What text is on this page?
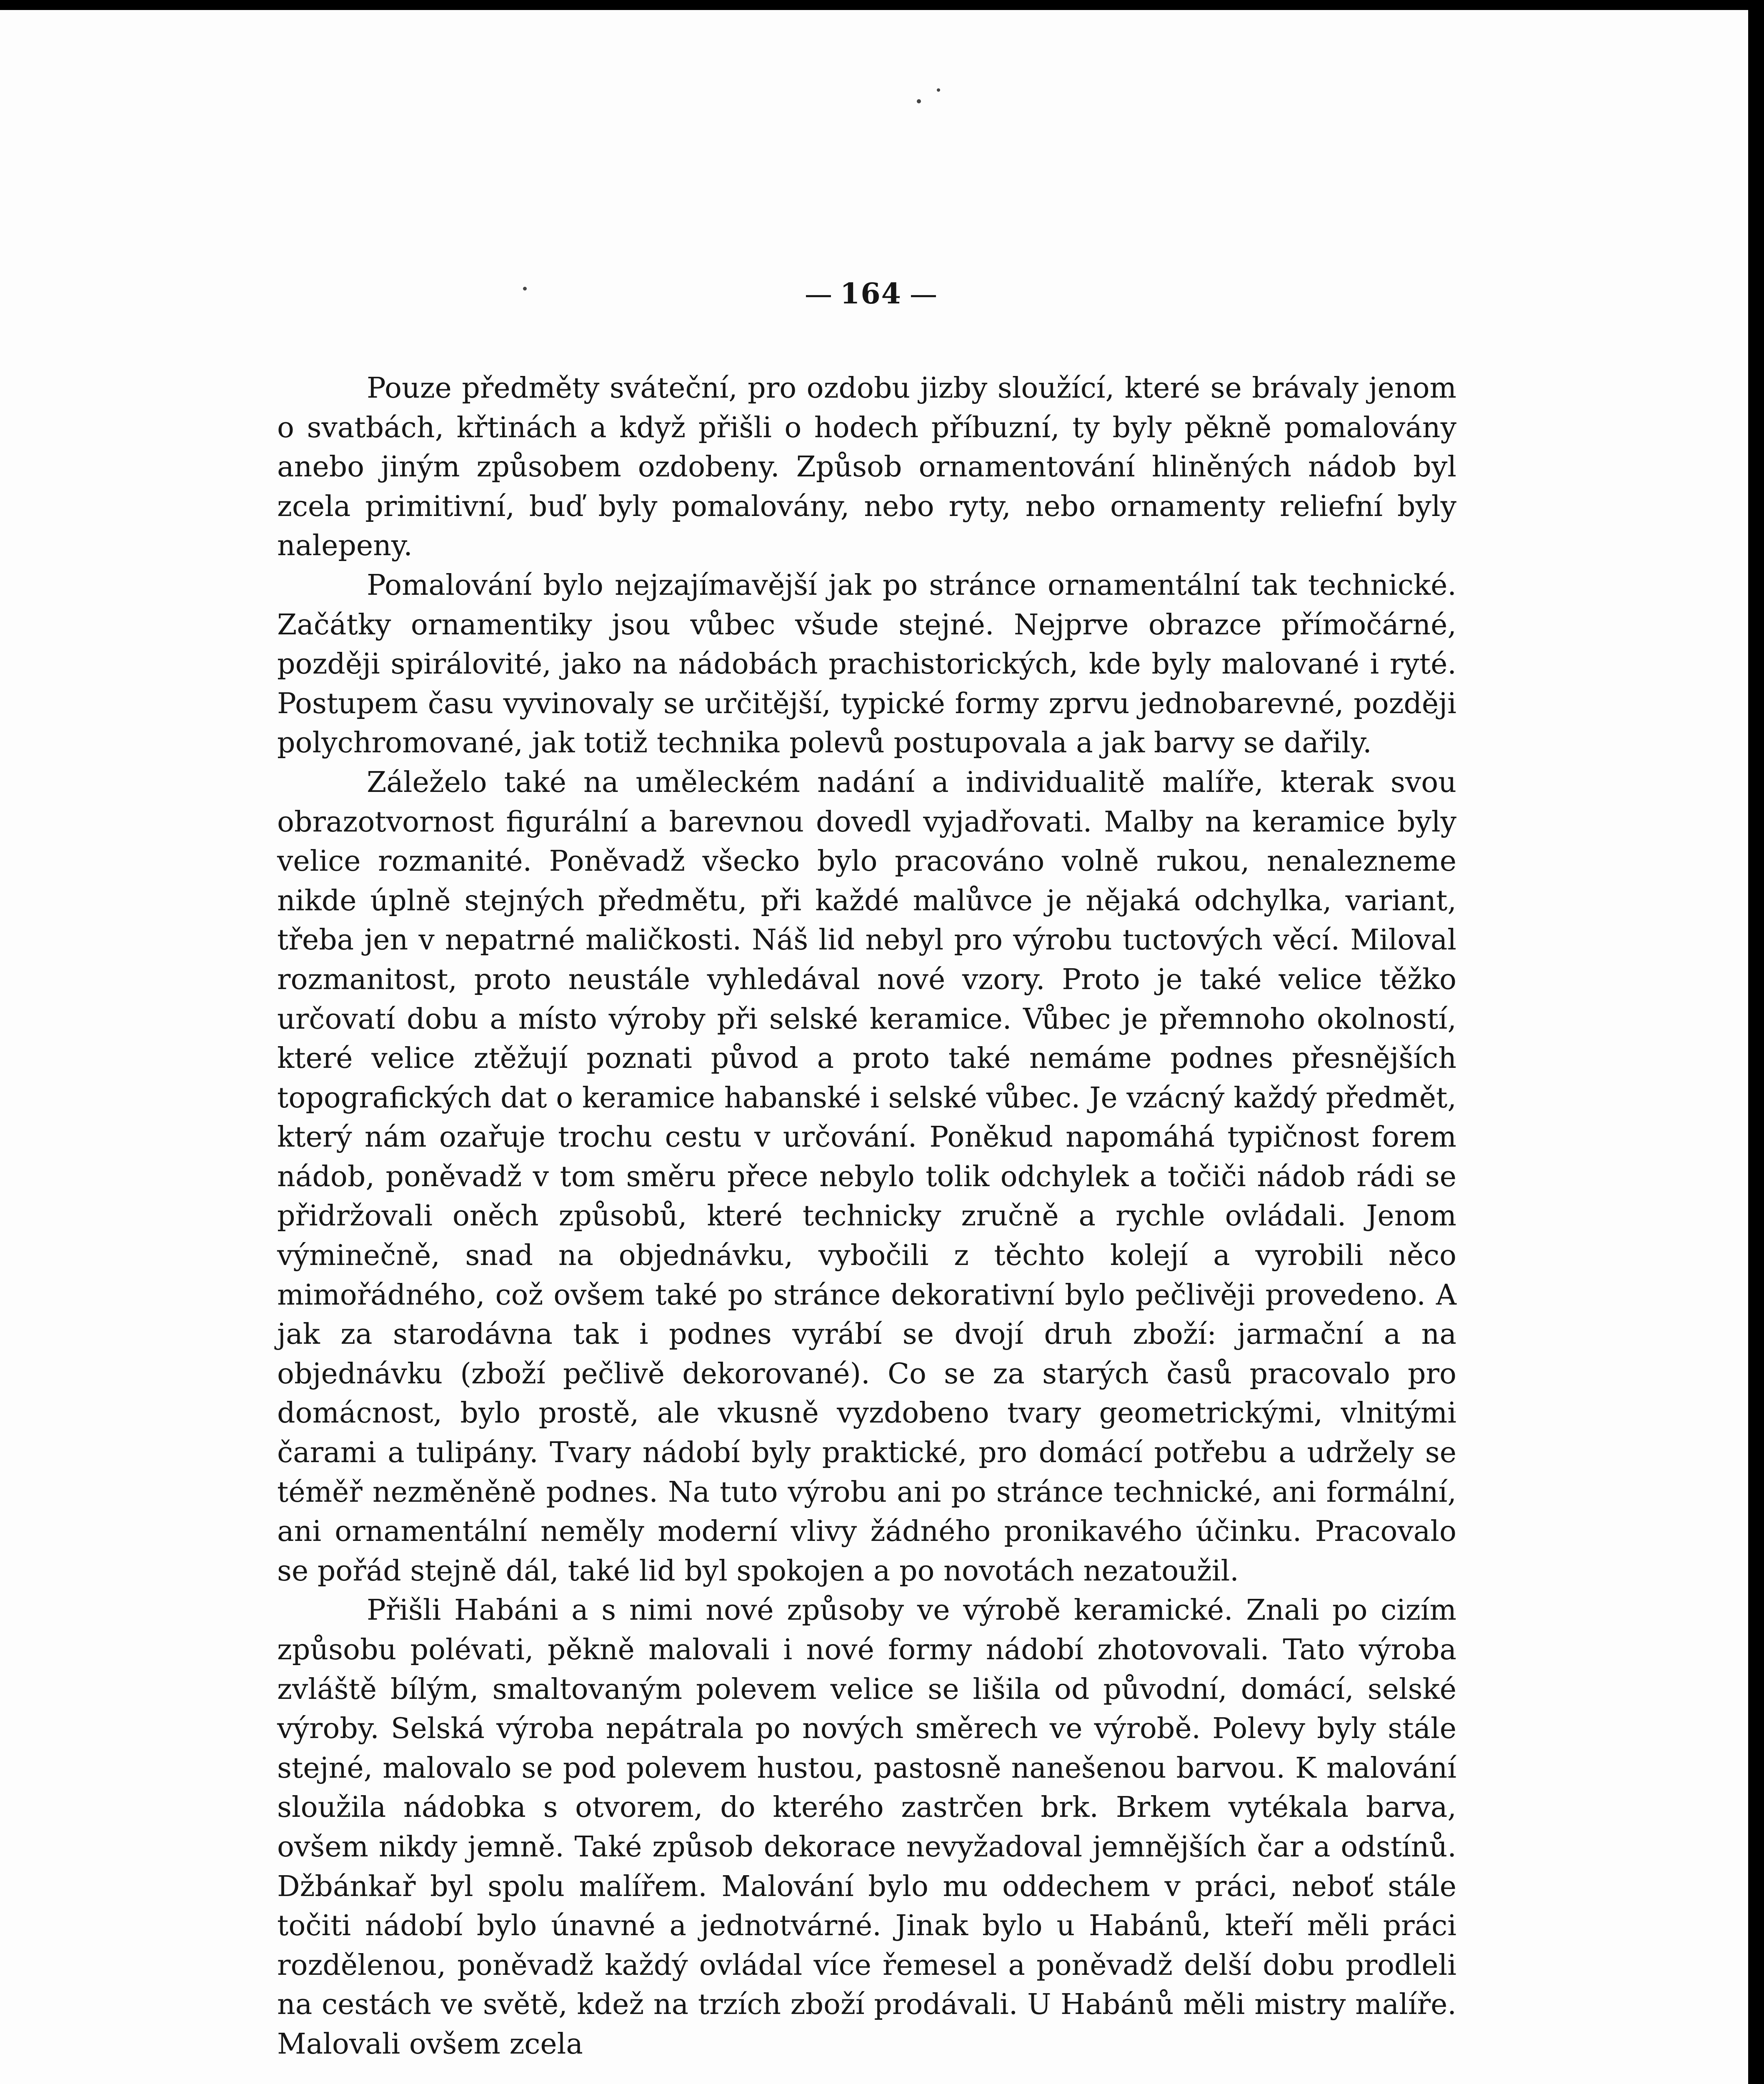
164

Pouze předměty sváteční, pro ozdobu jizby sloužící, které se brávaly jenom o svatbách, křtinách a když přišli o hodech příbuzní, ty byly pěkně pomalovány anebo jiným způsobem ozdobeny. Způsob ornamentování hliněných nádob byl zcela primitivní, buď byly pomalovány, nebo ryty, nebo ornamenty reliefní byly nalepeny.

Pomalování bylo nejzajímavější jak po stránce ornamentální tak technické. Začátky ornamentiky jsou vůbec všude stejné. Nejprve obrazce přímočárné, později spirálovité, jako na nádobách prachistorických, kde byly malované i ryté. Postupem času vyvinovaly se určitější, typické formy zprvu jednobarevné, později polychromované, jak totiž technika polevů postupovala a jak barvy se dařily.

Záleželo také na uměleckém nadání a individualitě malíře, kterak svou obrazotvornost figurální a barevnou dovedl vyjadřovati. Malby na keramice byly velice rozmanité. Poněvadž všecko bylo pracováno volně rukou, nenalezneme nikde úplně stejných předmětu, při každé malůvce je nějaká odchylka, variant, třeba jen v nepatrné maličkosti. Náš lid nebyl pro výrobu tuctových věcí. Miloval rozmanitost, proto neustále vyhledával nové vzory. Proto je také velice těžko určovatí dobu a místo výroby při selské keramice. Vůbec je přemnoho okolností, které velice ztěžují poznati původ a proto také nemáme podnes přesnějších topografických dat o keramice habanské i selské vůbec. Je vzácný každý předmět, který nám ozařuje trochu cestu v určování. Poněkud napomáhá typičnost forem nádob, poněvadž v tom směru přece nebylo tolik odchylek a točiči nádob rádi se přidržovali oněch způsobů, které technicky zručně a rychle ovládali. Jenom výminečně, snad na objednávku, vybočili z těchto kolejí a vyrobili něco mimořádného, což ovšem také po stránce dekorativní bylo pečlivěji provedeno. A jak za starodávna tak i podnes vyrábí se dvojí druh zboží: jarmační a na objednávku (zboží pečlivě dekorované). Co se za starých časů pracovalo pro domácnost, bylo prostě, ale vkusně vyzdobeno tvary geometrickými, vlnitými čarami a tulipány. Tvary nádobí byly praktické, pro domácí potřebu a udržely se téměř nezměněně podnes. Na tuto výrobu ani po stránce technické, ani formální, ani ornamentální neměly moderní vlivy žádného pronikavého účinku. Pracovalo se pořád stejně dál, také lid byl spokojen a po novotách nezatoužil.

Přišli Habáni a s nimi nové způsoby ve výrobě keramické. Znali po cizím způsobu polévati, pěkně malovali i nové formy nádobí zhotovovali. Tato výroba zvláště bílým, smaltovaným polevem velice se lišila od původní, domácí, selské výroby. Selská výroba nepátrala po nových směrech ve výrobě. Polevy byly stále stejné, malovalo se pod polevem hustou, pastosně nanešenou barvou. K malování sloužila nádobka s otvorem, do kterého zastrčen brk. Brkem vytékala barva, ovšem nikdy jemně. Také způsob dekorace nevyžadoval jemnějších čar a odstínů. Džbánkař byl spolu malířem. Malování bylo mu oddechem v práci, neboť stále točiti nádobí bylo únavné a jednotvárné. Jinak bylo u Habánů, kteří měli práci rozdělenou, poněvadž každý ovládal více řemesel a poněvadž delší dobu prodleli na cestách ve světě, kdež na trzích zboží prodávali. U Habánů měli mistry malíře. Malovali ovšem zcela
